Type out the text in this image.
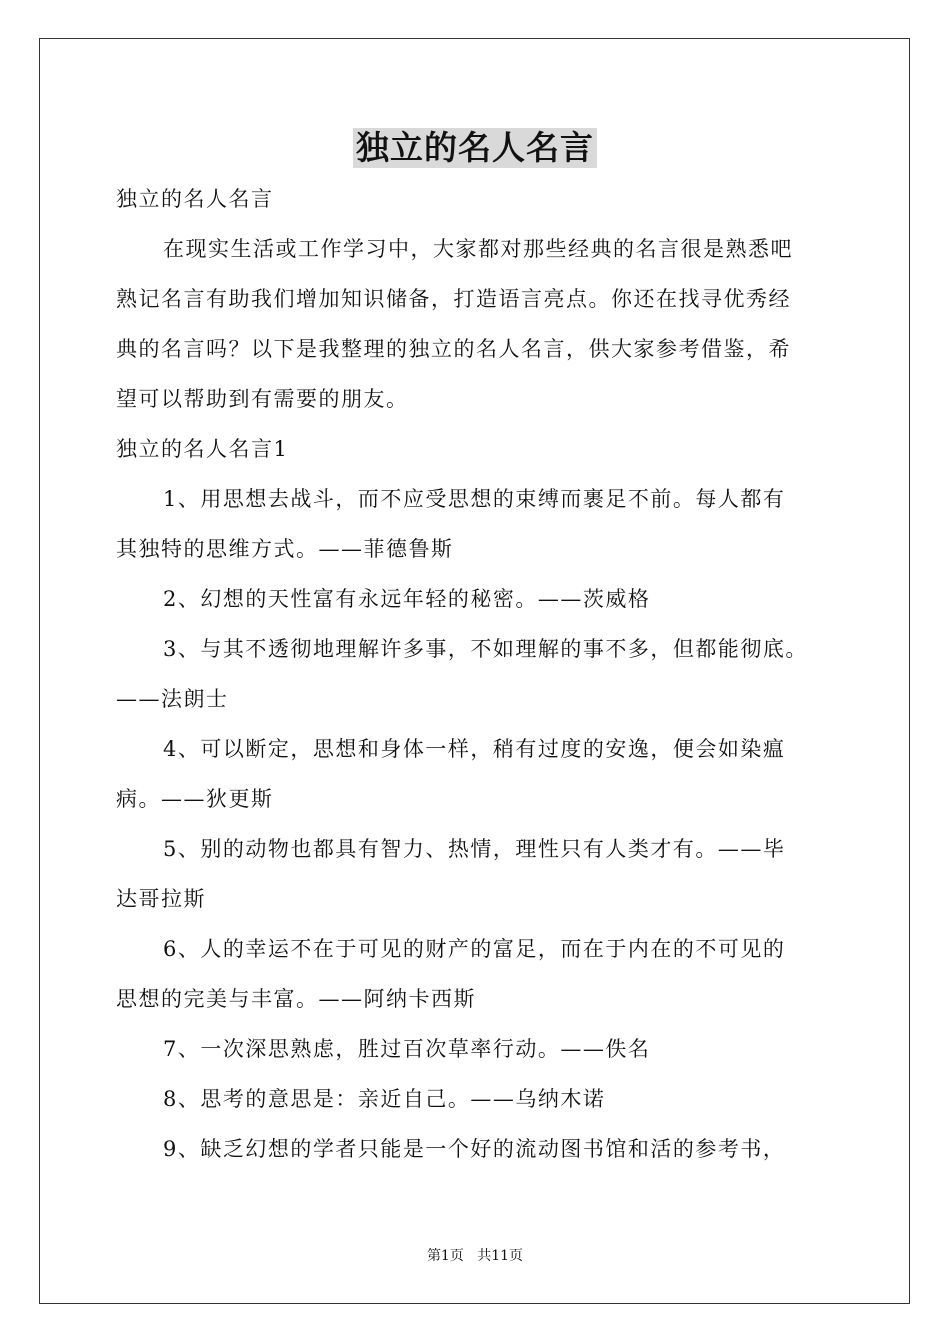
独立的名人名言
独立的名人名言
在现实生活或工作学习中，大家都对那些经典的名言很是熟悉吧
熟记名言有助我们增加知识储备，打造语言亮点。你还在找寻优秀经
典的名言吗？以下是我整理的独立的名人名言，供大家参考借鉴，希
望可以帮助到有需要的朋友。
独立的名人名言1
1、用思想去战斗，而不应受思想的束缚而裹足不前。每人都有
其独特的思维方式。——菲德鲁斯
2、幻想的天性富有永远年轻的秘密。——茨威格
3、与其不透彻地理解许多事，不如理解的事不多，但都能彻底。
——法朗士
4、可以断定，思想和身体一样，稍有过度的安逸，便会如染瘟
病。——狄更斯
5、别的动物也都具有智力、热情，理性只有人类才有。——毕
达哥拉斯
6、人的幸运不在于可见的财产的富足，而在于内在的不可见的
思想的完美与丰富。——阿纳卡西斯
7、一次深思熟虑，胜过百次草率行动。——佚名
8、思考的意思是：亲近自己。——乌纳木诺
9、缺乏幻想的学者只能是一个好的流动图书馆和活的参考书，
第1页 共11页
